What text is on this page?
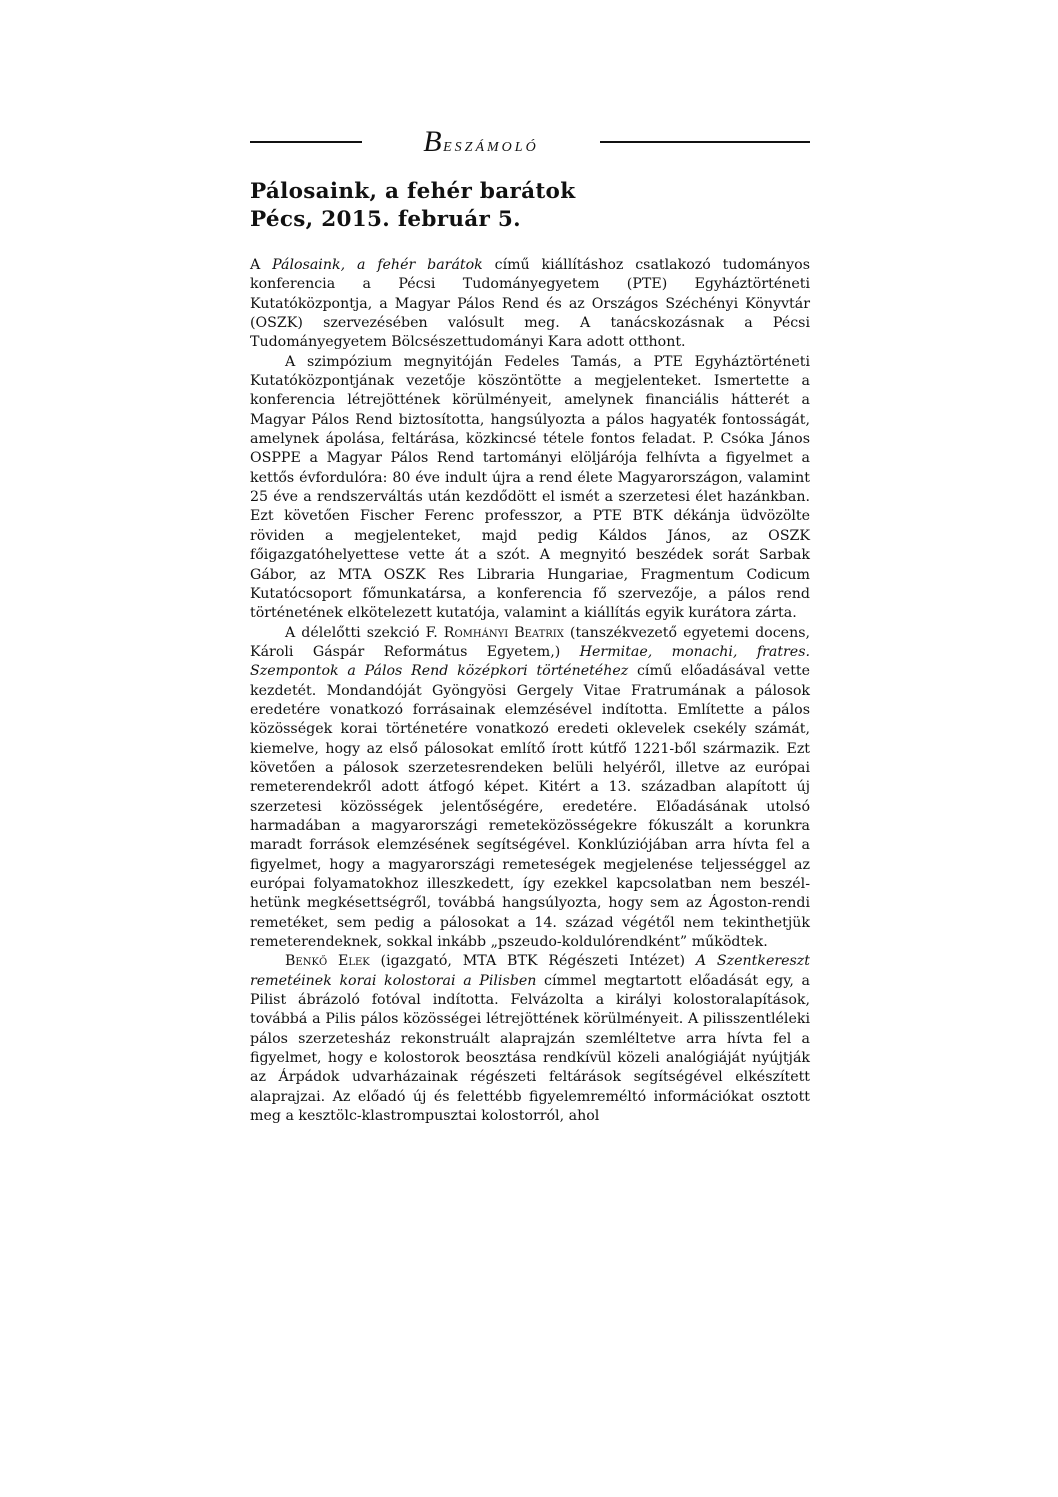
Beszámoló
Pálosaink, a fehér barátok
Pécs, 2015. február 5.

A Pálosaink, a fehér barátok című kiállításhoz csatlakozó tudományos konferencia a Pécsi Tudományegyetem (PTE) Egyháztörténeti Kutatóközpontja, a Magyar Pálos Rend és az Országos Széchényi Könyvtár (OSZK) szervezésében valósult meg. A tanácskozásnak a Pécsi Tudományegyetem Bölcsészettudományi Kara adott otthont.

A szimpózium megnyitóján Fedeles Tamás, a PTE Egyháztörténeti Kutatóközpontjának vezetője köszöntötte a megjelenteket. Ismertette a konferencia létrejöttének körülményeit, amelynek financiális hátterét a Magyar Pálos Rend biztosította, hangsúlyozta a pálos hagyaték fontosságát, amelynek ápolása, feltárása, közkincsé tétele fontos feladat. P. Csóka János OSPPE a Magyar Pálos Rend tartományi elöljárója felhívta a figyelmet a kettős évfordulóra: 80 éve indult újra a rend élete Magyarországon, valamint 25 éve a rendszerváltás után kezdődött el ismét a szerzetesi élet hazánkban. Ezt követően Fischer Ferenc professzor, a PTE BTK dékánja üdvözölte röviden a megjelenteket, majd pedig Káldos János, az OSZK főigazgatóhelyettese vette át a szót. A megnyitó beszédek sorát Sarbak Gábor, az MTA OSZK Res Libraria Hungariae, Fragmentum Codicum Kutatócsoport főmunkatársa, a konferencia fő szervezője, a pálos rend történetének elkötelezett kutatója, valamint a kiállítás egyik kurátora zárta.

A délelőtti szekció F. Romhányi Beatrix (tanszékvezető egyetemi docens, Károli Gáspár Református Egyetem,) Hermitae, monachi, fratres. Szempontok a Pálos Rend középkori történetéhez című előadásával vette kezdetét. Mondandóját Gyöngyösi Gergely Vitae Fratrumának a pálosok eredetére vonatkozó forrásainak elemzésével indította. Említette a pálos közösségek korai történetére vonatkozó eredeti oklevelek csekély számát, kiemelve, hogy az első pálosokat említő írott kútfő 1221-ből származik. Ezt követően a pálosok szerzetesrendeken belüli helyéről, illetve az európai remeterendekről adott átfogó képet. Kitért a 13. században alapított új szerzetesi közösségek jelentőségére, eredetére. Előadásának utolsó harmadában a magyarországi remeteközösségekre fókuszált a korunkra maradt források elemzésének segítségével. Konklúziójában arra hívta fel a figyelmet, hogy a magyarországi remeteségek megjelenése teljességgel az európai folyamatokhoz illeszkedett, így ezekkel kapcsolatban nem beszélhetünk megkésettségről, továbbá hangsúlyozta, hogy sem az Ágoston-rendi remetéket, sem pedig a pálosokat a 14. század végétől nem tekinthetjük remeterendeknek, sokkal inkább „pszeudo-koldulórendként” működtek.

Benkő Elek (igazgató, MTA BTK Régészeti Intézet) A Szentkereszt remetéinek korai kolostorai a Pilisben címmel megtartott előadását egy, a Pilist ábrázoló fotóval indította. Felvázolta a királyi kolostoralapítások, továbbá a Pilis pálos közösségei létrejöttének körülményeit. A pilisszentléleki pálos szerzetesház rekonstruált alaprajzán szemléltetve arra hívta fel a figyelmet, hogy e kolostorok beosztása rendkívül közeli analógiáját nyújtják az Árpádok udvarházainak régészeti feltárások segítségével elkészített alaprajzai. Az előadó új és felettébb figyelemreméltó információkat osztott meg a kesztölc-klastrompusztai kolostorról, ahol
